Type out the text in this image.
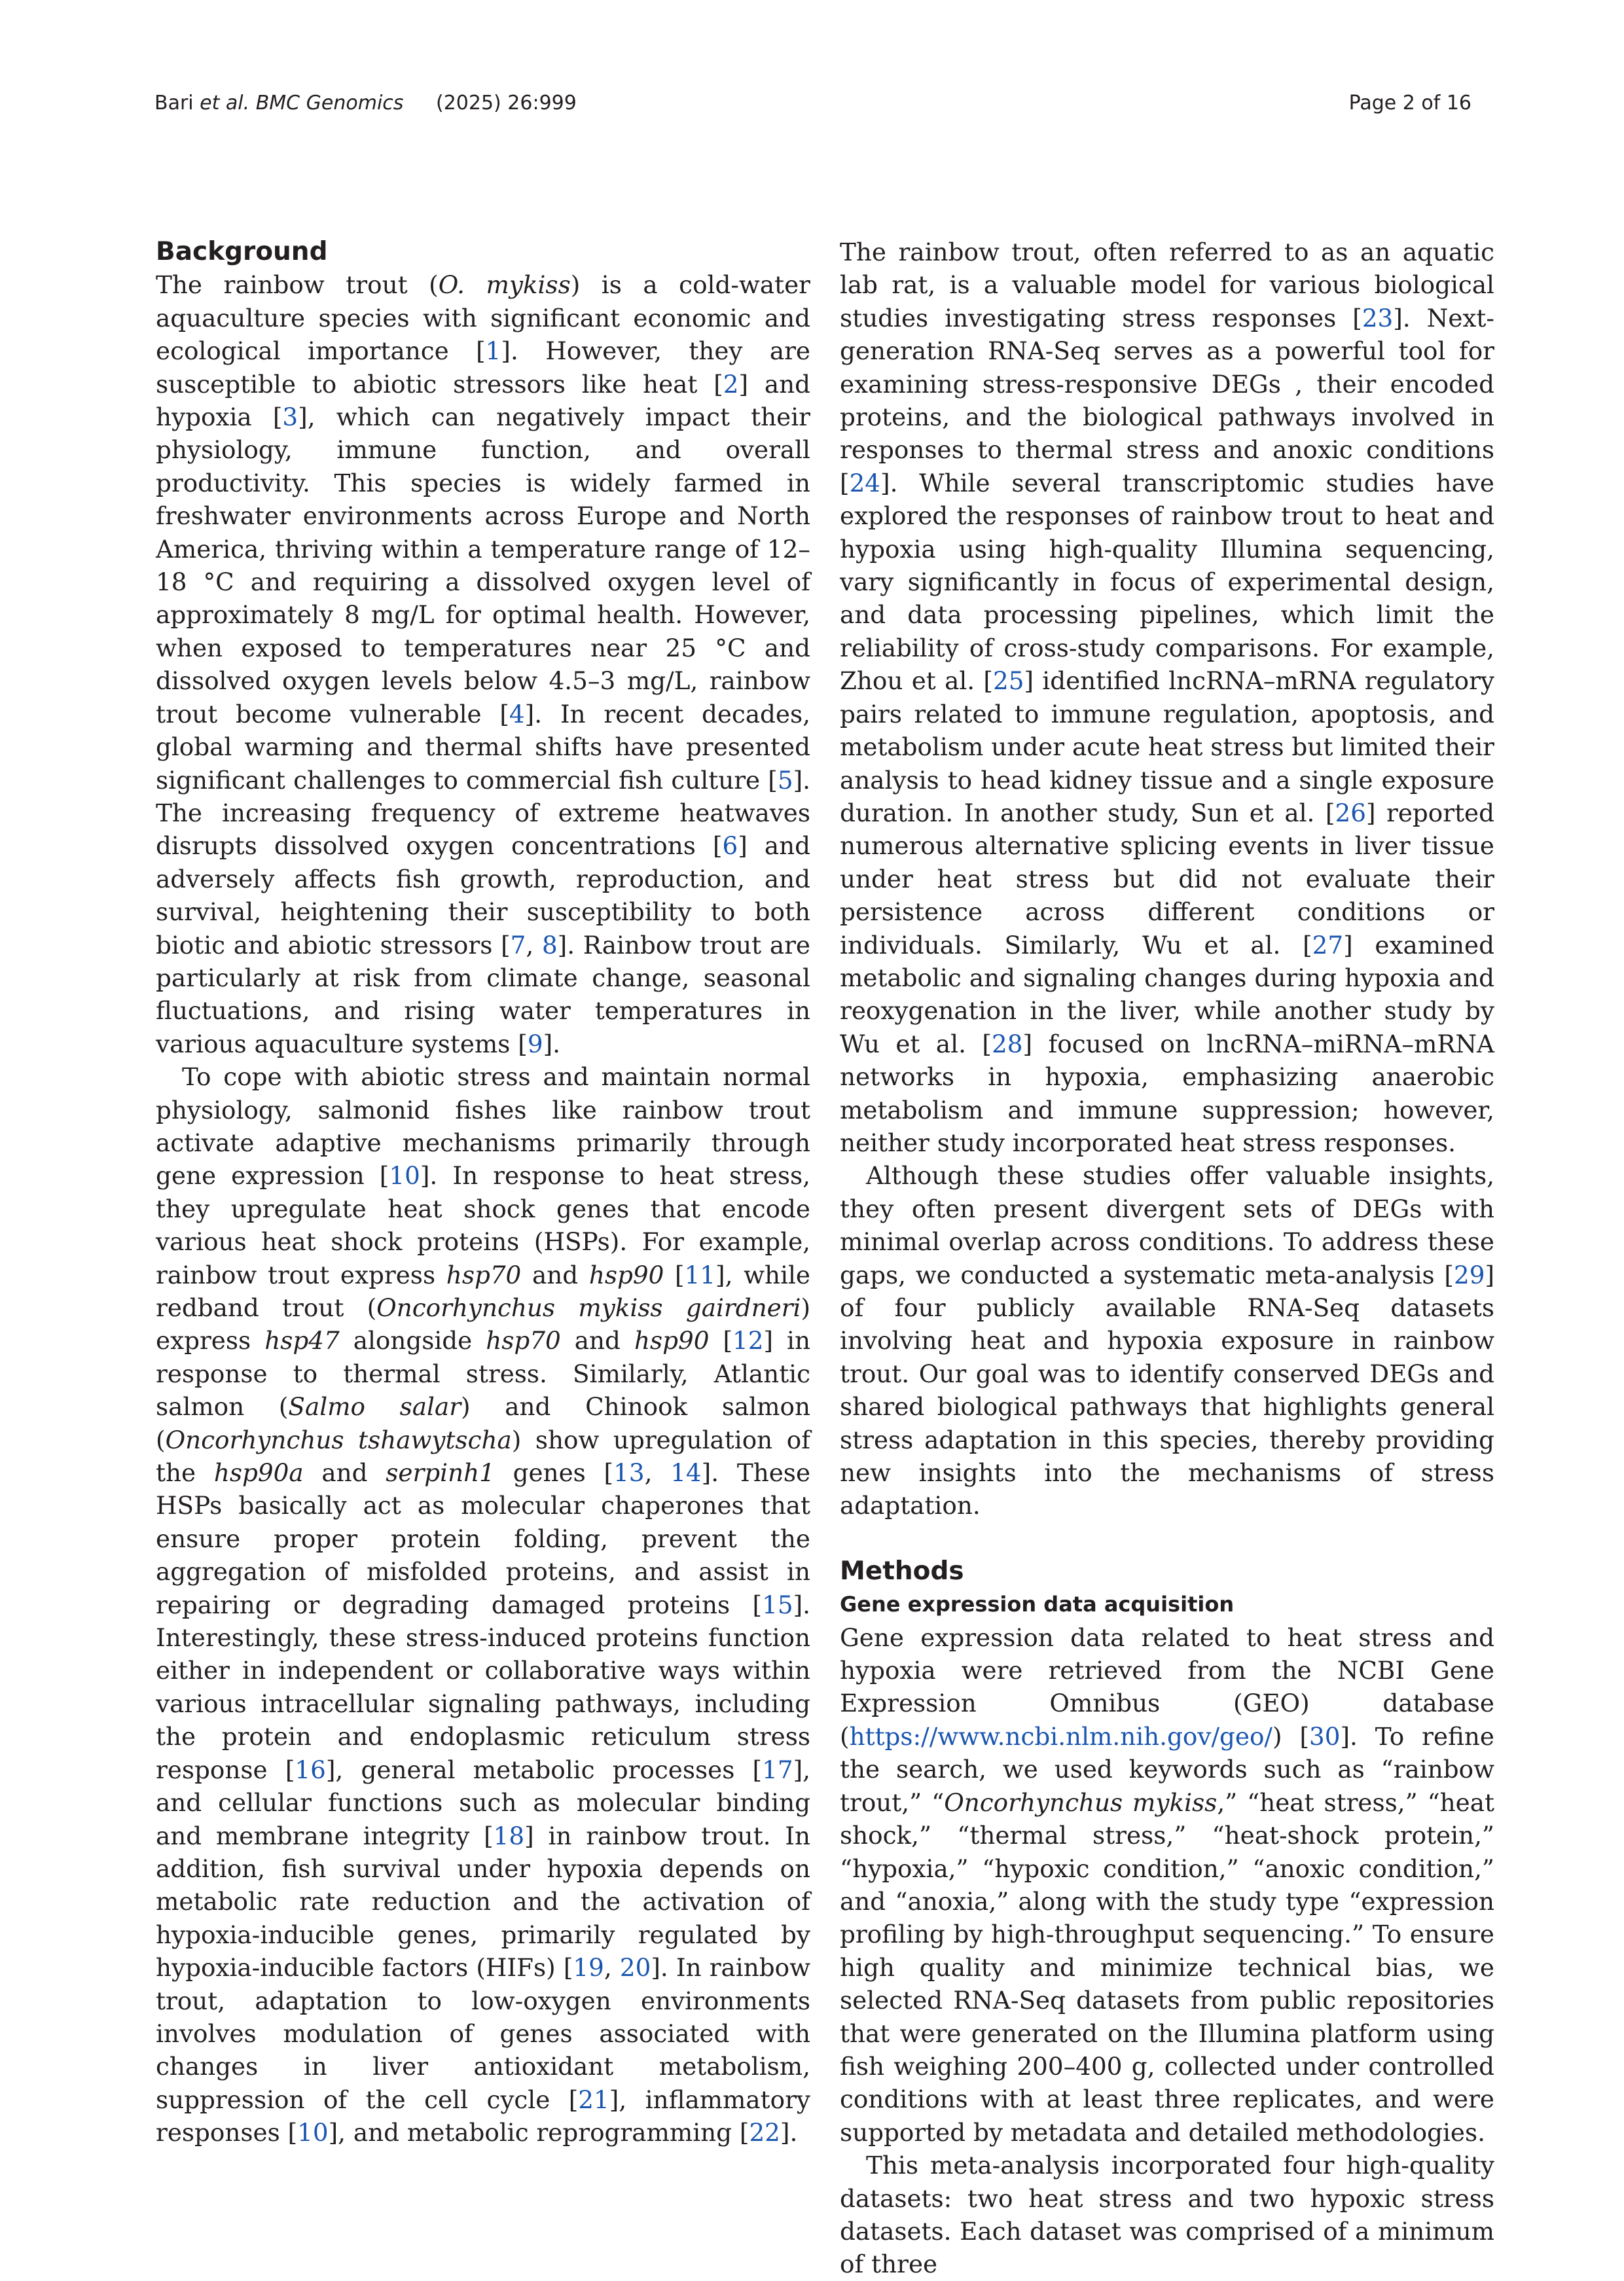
Bari et al. BMC Genomics (2025) 26:999	Page 2 of 16
Background

The rainbow trout (O. mykiss) is a cold-water aquaculture species with significant economic and ecological importance [1]. However, they are susceptible to abiotic stressors like heat [2] and hypoxia [3], which can negatively impact their physiology, immune function, and overall productivity. This species is widely farmed in freshwater environments across Europe and North America, thriving within a temperature range of 12–18 °C and requiring a dissolved oxygen level of approximately 8 mg/L for optimal health. However, when exposed to temperatures near 25 °C and dissolved oxygen levels below 4.5–3 mg/L, rainbow trout become vulnerable [4]. In recent decades, global warming and thermal shifts have presented significant challenges to commercial fish culture [5]. The increasing frequency of extreme heatwaves disrupts dissolved oxygen concentrations [6] and adversely affects fish growth, reproduction, and survival, heightening their susceptibility to both biotic and abiotic stressors [7, 8]. Rainbow trout are particularly at risk from climate change, seasonal fluctuations, and rising water temperatures in various aquaculture systems [9].

To cope with abiotic stress and maintain normal physiology, salmonid fishes like rainbow trout activate adaptive mechanisms primarily through gene expression [10]. In response to heat stress, they upregulate heat shock genes that encode various heat shock proteins (HSPs). For example, rainbow trout express hsp70 and hsp90 [11], while redband trout (Oncorhynchus mykiss gairdneri) express hsp47 alongside hsp70 and hsp90 [12] in response to thermal stress. Similarly, Atlantic salmon (Salmo salar) and Chinook salmon (Oncorhynchus tshawytscha) show upregulation of the hsp90a and serpinh1 genes [13, 14]. These HSPs basically act as molecular chaperones that ensure proper protein folding, prevent the aggregation of misfolded proteins, and assist in repairing or degrading damaged proteins [15]. Interestingly, these stress-induced proteins function either in independent or collaborative ways within various intracellular signaling pathways, including the protein and endoplasmic reticulum stress response [16], general metabolic processes [17], and cellular functions such as molecular binding and membrane integrity [18] in rainbow trout. In addition, fish survival under hypoxia depends on metabolic rate reduction and the activation of hypoxia-inducible genes, primarily regulated by hypoxia-inducible factors (HIFs) [19, 20]. In rainbow trout, adaptation to low-oxygen environments involves modulation of genes associated with changes in liver antioxidant metabolism, suppression of the cell cycle [21], inflammatory responses [10], and metabolic reprogramming [22].

The rainbow trout, often referred to as an aquatic lab rat, is a valuable model for various biological studies investigating stress responses [23]. Next-generation RNA-Seq serves as a powerful tool for examining stress-responsive DEGs , their encoded proteins, and the biological pathways involved in responses to thermal stress and anoxic conditions [24]. While several transcriptomic studies have explored the responses of rainbow trout to heat and hypoxia using high-quality Illumina sequencing, vary significantly in focus of experimental design, and data processing pipelines, which limit the reliability of cross-study comparisons. For example, Zhou et al. [25] identified lncRNA–mRNA regulatory pairs related to immune regulation, apoptosis, and metabolism under acute heat stress but limited their analysis to head kidney tissue and a single exposure duration. In another study, Sun et al. [26] reported numerous alternative splicing events in liver tissue under heat stress but did not evaluate their persistence across different conditions or individuals. Similarly, Wu et al. [27] examined metabolic and signaling changes during hypoxia and reoxygenation in the liver, while another study by Wu et al. [28] focused on lncRNA–miRNA–mRNA networks in hypoxia, emphasizing anaerobic metabolism and immune suppression; however, neither study incorporated heat stress responses.

Although these studies offer valuable insights, they often present divergent sets of DEGs with minimal overlap across conditions. To address these gaps, we conducted a systematic meta-analysis [29] of four publicly available RNA-Seq datasets involving heat and hypoxia exposure in rainbow trout. Our goal was to identify conserved DEGs and shared biological pathways that highlights general stress adaptation in this species, thereby providing new insights into the mechanisms of stress adaptation.

Methods
Gene expression data acquisition

Gene expression data related to heat stress and hypoxia were retrieved from the NCBI Gene Expression Omnibus (GEO) database (https://www.ncbi.nlm.nih.gov/geo/) [30]. To refine the search, we used keywords such as “rainbow trout,” “Oncorhynchus mykiss,” “heat stress,” “heat shock,” “thermal stress,” “heat-shock protein,” “hypoxia,” “hypoxic condition,” “anoxic condition,” and “anoxia,” along with the study type “expression profiling by high-throughput sequencing.” To ensure high quality and minimize technical bias, we selected RNA-Seq datasets from public repositories that were generated on the Illumina platform using fish weighing 200–400 g, collected under controlled conditions with at least three replicates, and were supported by metadata and detailed methodologies.

This meta-analysis incorporated four high-quality datasets: two heat stress and two hypoxic stress datasets. Each dataset was comprised of a minimum of three
